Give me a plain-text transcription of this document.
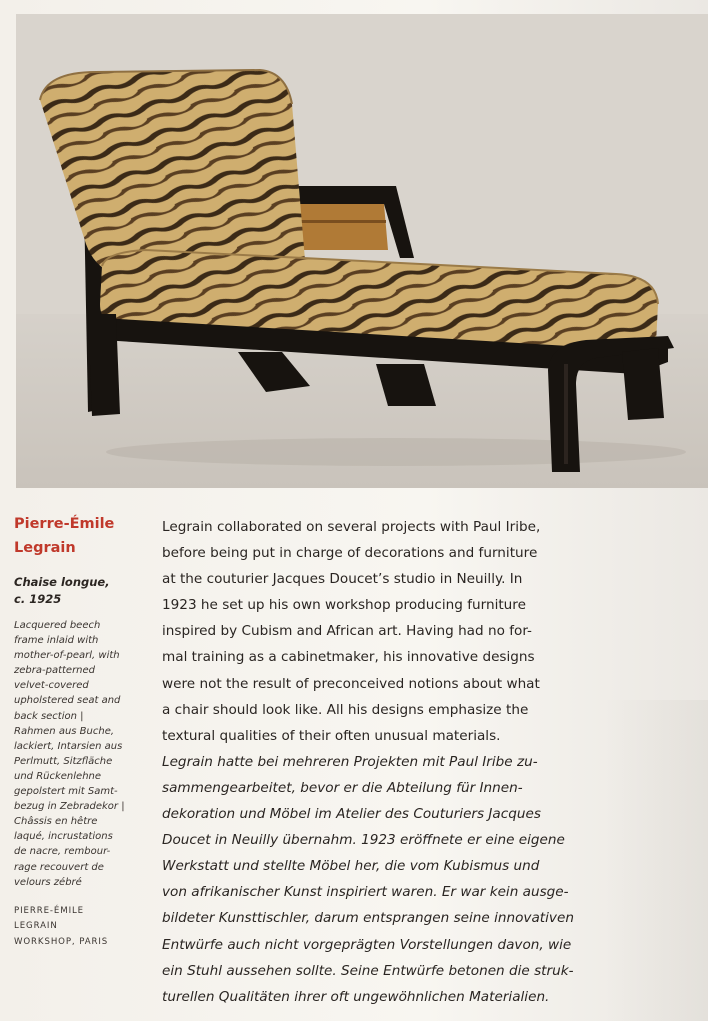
Pierre-Émile
Legrain

Chaise longue,
c. 1925

Lacquered beech
frame inlaid with
mother-of-pearl, with
zebra-patterned
velvet-covered
upholstered seat and
back section |
Rahmen aus Buche,
lackiert, Intarsien aus
Perlmutt, Sitzfläche
und Rückenlehne
gepolstert mit Samt-
bezug in Zebradekor |
Châssis en hêtre
laqué, incrustations
de nacre, rembour-
rage recouvert de
velours zébré

PIERRE-ÉMILE
LEGRAIN
WORKSHOP, PARIS

Legrain collaborated on several projects with Paul Iribe,

before being put in charge of decorations and furniture

at the couturier Jacques Doucet’s studio in Neuilly. In

1923 he set up his own workshop producing furniture

inspired by Cubism and African art. Having had no for-

mal training as a cabinetmaker, his innovative designs

were not the result of preconceived notions about what

a chair should look like. All his designs emphasize the

textural qualities of their often unusual materials.

Legrain hatte bei mehreren Projekten mit Paul Iribe zu-

sammengearbeitet, bevor er die Abteilung für Innen-

dekoration und Möbel im Atelier des Couturiers Jacques

Doucet in Neuilly übernahm. 1923 eröffnete er eine eigene

Werkstatt und stellte Möbel her, die vom Kubismus und

von afrikanischer Kunst inspiriert waren. Er war kein ausge-

bildeter Kunsttischler, darum entsprangen seine innovativen

Entwürfe auch nicht vorgeprägten Vorstellungen davon, wie

ein Stuhl aussehen sollte. Seine Entwürfe betonen die struk-

turellen Qualitäten ihrer oft ungewöhnlichen Materialien.
